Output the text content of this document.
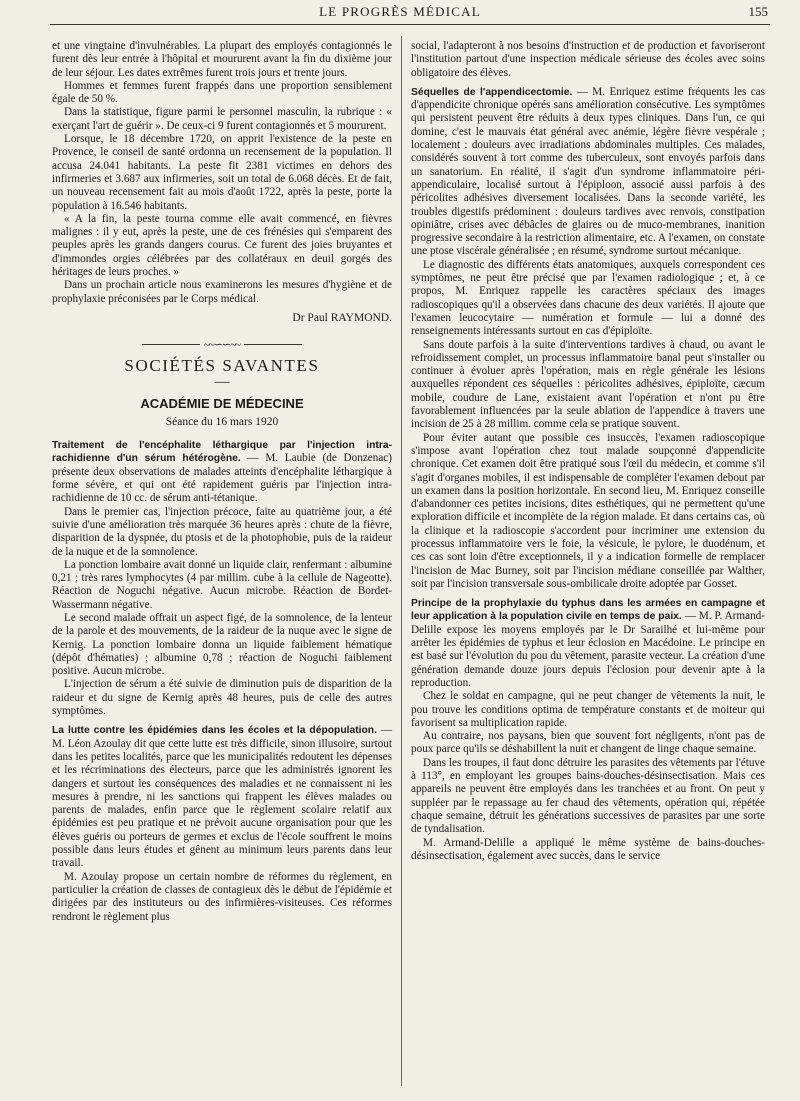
LE PROGRÈS MÉDICAL	155

et une vingtaine d'invulnérables. La plupart des employés contagionnés le furent dès leur entrée à l'hôpital et moururent avant la fin du dixième jour de leur séjour. Les dates extrêmes furent trois jours et trente jours.

Hommes et femmes furent frappés dans une proportion sensiblement égale de 50 %.

Dans la statistique, figure parmi le personnel masculin, la rubrique : « exerçant l'art de guérir ». De ceux-ci 9 furent contagionnés et 5 moururent.

Lorsque, le 18 décembre 1720, on apprit l'existence de la peste en Provence, le conseil de santé ordonna un recensement de la population. Il accusa 24.041 habitants. La peste fit 2381 victimes en dehors des infirmeries et 3.687 aux infirmeries, soit un total de 6.068 décès. Et de fait, un nouveau recensement fait au mois d'août 1722, après la peste, porte la population à 16.546 habitants.

« A la fin, la peste tourna comme elle avait commencé, en fièvres malignes : il y eut, après la peste, une de ces frénésies qui s'emparent des peuples après les grands dangers courus. Ce furent des joies bruyantes et d'immondes orgies célébrées par des collatéraux en deuil gorgés des héritages de leurs proches. »

Dans un prochain article nous examinerons les mesures d'hygiène et de prophylaxie préconisées par le Corps médical.

Dr Paul RAYMOND.
~~∽∽~~
SOCIÉTÉS SAVANTES
—
ACADÉMIE DE MÉDECINE
Séance du 16 mars 1920

Traitement de l'encéphalite léthargique par l'injection intra-rachidienne d'un sérum hétérogène. — M. Laubie (de Donzenac) présente deux observations de malades atteints d'encéphalite léthargique à forme sévère, et qui ont été rapidement guéris par l'injection intra-rachidienne de 10 cc. de sérum anti-tétanique.

Dans le premier cas, l'injection précoce, faite au quatrième jour, a été suivie d'une amélioration très marquée 36 heures après : chute de la fièvre, disparition de la dyspnée, du ptosis et de la photophobie, puis de la raideur de la nuque et de la somnolence.

La ponction lombaire avait donné un liquide clair, renfermant : albumine 0,21 ; très rares lymphocytes (4 par millim. cube à la cellule de Nageotte). Réaction de Noguchi négative. Aucun microbe. Réaction de Bordet-Wassermann négative.

Le second malade offrait un aspect figé, de la somnolence, de la lenteur de la parole et des mouvements, de la raideur de la nuque avec le signe de Kernig. La ponction lombaire donna un liquide faiblement hématique (dépôt d'hématies) ; albumine 0,78 ; réaction de Noguchi faiblement positive. Aucun microbe.

L'injection de sérum a été suivie de diminution puis de disparition de la raideur et du signe de Kernig après 48 heures, puis de celle des autres symptômes.

La lutte contre les épidémies dans les écoles et la dépopulation. — M. Léon Azoulay dit que cette lutte est très difficile, sinon illusoire, surtout dans les petites localités, parce que les municipalités redoutent les dépenses et les récriminations des électeurs, parce que les administrés ignorent les dangers et surtout les conséquences des maladies et ne connaissent ni les mesures à prendre, ni les sanctions qui frappent les élèves malades ou parents de malades, enfin parce que le règlement scolaire relatif aux épidémies est peu pratique et ne prévoit aucune organisation pour que les élèves guéris ou porteurs de germes et exclus de l'école souffrent le moins possible dans leurs études et gênent au minimum leurs parents dans leur travail.

M. Azoulay propose un certain nombre de réformes du règlement, en particulier la création de classes de contagieux dès le début de l'épidémie et dirigées par des instituteurs ou des infirmières-visiteuses. Ces réformes rendront le règlement plus

social, l'adapteront à nos besoins d'instruction et de production et favoriseront l'institution partout d'une inspection médicale sérieuse des écoles avec soins obligatoire des élèves.

Séquelles de l'appendicectomie. — M. Enriquez estime fréquents les cas d'appendicite chronique opérés sans amélioration consécutive. Les symptômes qui persistent peuvent être réduits à deux types cliniques. Dans l'un, ce qui domine, c'est le mauvais état général avec anémie, légère fièvre vespérale ; localement : douleurs avec irradiations abdominales multiples. Ces malades, considérés souvent à tort comme des tuberculeux, sont envoyés parfois dans un sanatorium. En réalité, il s'agit d'un syndrome inflammatoire péri-appendiculaire, localisé surtout à l'épiploon, associé aussi parfois à des péricolites adhésives diversement localisées. Dans la seconde variété, les troubles digestifs prédominent : douleurs tardives avec renvois, constipation opiniâtre, crises avec débâcles de glaires ou de muco-membranes, inanition progressive secondaire à la restriction alimentaire, etc. A l'examen, on constate une ptose viscérale généralisée ; en résumé, syndrome surtout mécanique.

Le diagnostic des différents états anatomiques, auxquels correspondent ces symptômes, ne peut être précisé que par l'examen radiologique ; et, à ce propos, M. Enriquez rappelle les caractères spéciaux des images radioscopiques qu'il a observées dans chacune des deux variétés. Il ajoute que l'examen leucocytaire — numération et formule — lui a donné des renseignements intéressants surtout en cas d'épiploïte.

Sans doute parfois à la suite d'interventions tardives à chaud, ou avant le refroidissement complet, un processus inflammatoire banal peut s'installer ou continuer à évoluer après l'opération, mais en règle générale les lésions auxquelles répondent ces séquelles : péricolites adhésives, épiploïte, cæcum mobile, coudure de Lane, existaient avant l'opération et n'ont pu être favorablement influencées par la seule ablation de l'appendice à travers une incision de 25 à 28 millim. comme cela se pratique souvent.

Pour éviter autant que possible ces insuccès, l'examen radioscopique s'impose avant l'opération chez tout malade soupçonné d'appendicite chronique. Cet examen doit être pratiqué sous l'œil du médecin, et comme s'il s'agit d'organes mobiles, il est indispensable de compléter l'examen debout par un examen dans la position horizontale. En second lieu, M. Enriquez conseille d'abandonner ces petites incisions, dites esthétiques, qui ne permettent qu'une exploration difficile et incomplète de la région malade. Et dans certains cas, où la clinique et la radioscopie s'accordent pour incriminer une extension du processus inflammatoire vers le foie, la vésicule, le pylore, le duodénum, et ces cas sont loin d'être exceptionnels, il y a indication formelle de remplacer l'incision de Mac Burney, soit par l'incision médiane conseillée par Walther, soit par l'incision transversale sous-ombilicale droite adoptée par Gosset.

Principe de la prophylaxie du typhus dans les armées en campagne et leur application à la population civile en temps de paix. — M. P. Armand-Delille expose les moyens employés par le Dr Sarailhé et lui-même pour arrêter les épidémies de typhus et leur éclosion en Macédoine. Le principe en est basé sur l'évolution du pou du vêtement, parasite vecteur. La création d'une génération demande douze jours depuis l'éclosion pour devenir apte à la reproduction.

Chez le soldat en campagne, qui ne peut changer de vêtements la nuit, le pou trouve les conditions optima de température constants et de moiteur qui favorisent sa multiplication rapide.

Au contraire, nos paysans, bien que souvent fort négligents, n'ont pas de poux parce qu'ils se déshabillent la nuit et changent de linge chaque semaine.

Dans les troupes, il faut donc détruire les parasites des vêtements par l'étuve à 113°, en employant les groupes bains-douches-désinsectisation. Mais ces appareils ne peuvent être employés dans les tranchées et au front. On peut y suppléer par le repassage au fer chaud des vêtements, opération qui, répétée chaque semaine, détruit les générations successives de parasites par une sorte de tyndalisation.

M. Armand-Delille a appliqué le même système de bains-douches-désinsectisation, également avec succès, dans le service
